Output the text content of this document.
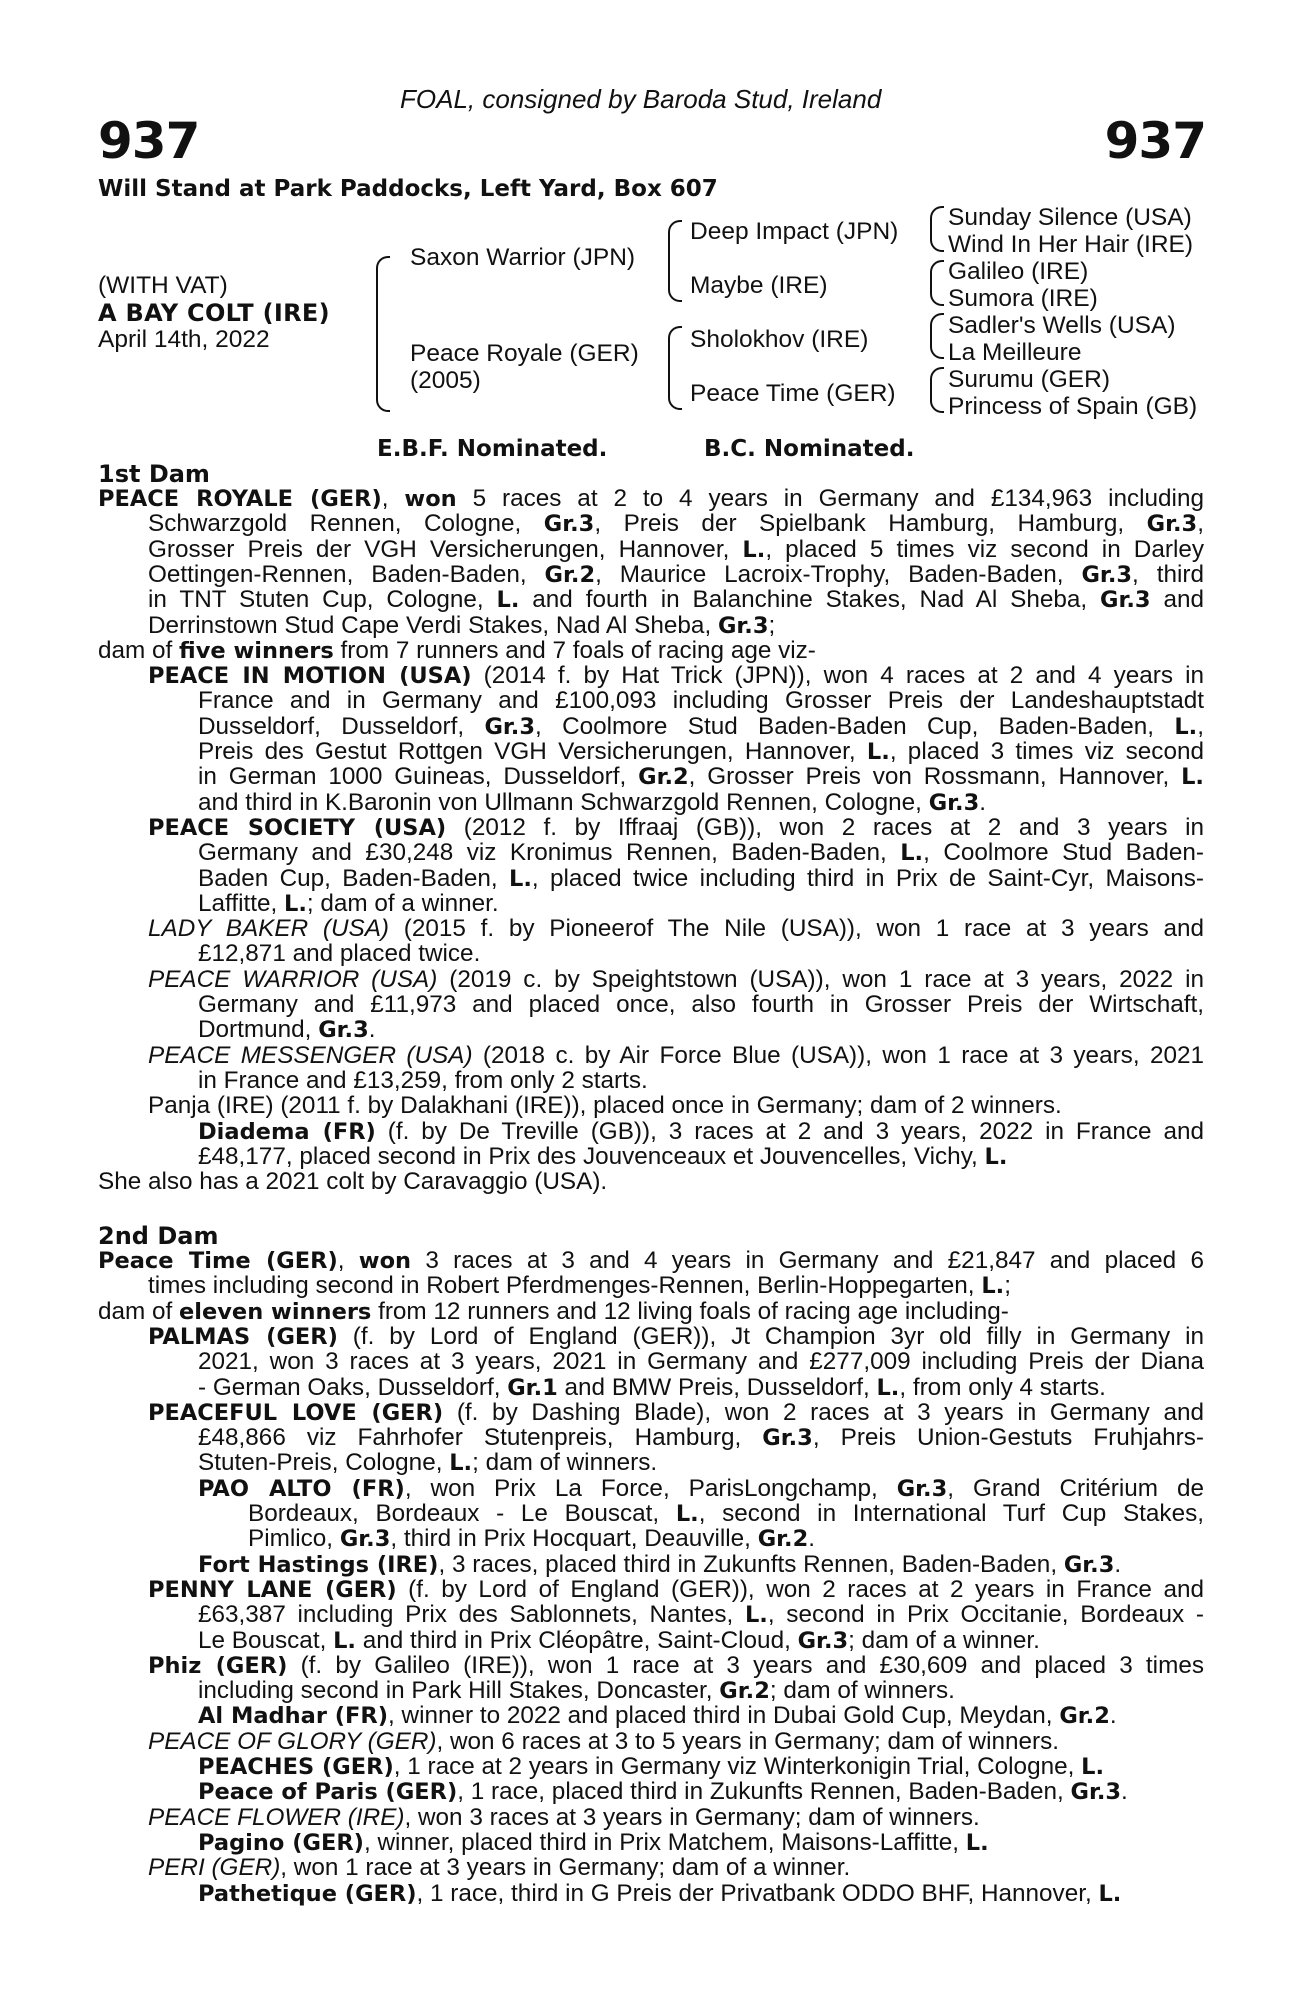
FOAL, consigned by Baroda Stud, Ireland
937	937
Will Stand at Park Paddocks, Left Yard, Box 607
(WITH VAT)
A BAY COLT (IRE)
April 14th, 2022
Saxon Warrior (JPN)
Peace Royale (GER)
(2005)
Deep Impact (JPN)
Maybe (IRE)
Sholokhov (IRE)
Peace Time (GER)
Sunday Silence (USA)
Wind In Her Hair (IRE)
Galileo (IRE)
Sumora (IRE)
Sadler's Wells (USA)
La Meilleure
Surumu (GER)
Princess of Spain (GB)
E.B.F. Nominated.	B.C. Nominated.
1st Dam
2nd Dam
PEACE ROYALE (GER), won 5 races at 2 to 4 years in Germany and £134,963 including
Schwarzgold Rennen, Cologne, Gr.3, Preis der Spielbank Hamburg, Hamburg, Gr.3,
Grosser Preis der VGH Versicherungen, Hannover, L., placed 5 times viz second in Darley
Oettingen-Rennen, Baden-Baden, Gr.2, Maurice Lacroix-Trophy, Baden-Baden, Gr.3, third
in TNT Stuten Cup, Cologne, L. and fourth in Balanchine Stakes, Nad Al Sheba, Gr.3 and
Derrinstown Stud Cape Verdi Stakes, Nad Al Sheba, Gr.3;
dam of five winners from 7 runners and 7 foals of racing age viz-
PEACE IN MOTION (USA) (2014 f. by Hat Trick (JPN)), won 4 races at 2 and 4 years in
France and in Germany and £100,093 including Grosser Preis der Landeshauptstadt
Dusseldorf, Dusseldorf, Gr.3, Coolmore Stud Baden-Baden Cup, Baden-Baden, L.,
Preis des Gestut Rottgen VGH Versicherungen, Hannover, L., placed 3 times viz second
in German 1000 Guineas, Dusseldorf, Gr.2, Grosser Preis von Rossmann, Hannover, L.
and third in K.Baronin von Ullmann Schwarzgold Rennen, Cologne, Gr.3.
PEACE SOCIETY (USA) (2012 f. by Iffraaj (GB)), won 2 races at 2 and 3 years in
Germany and £30,248 viz Kronimus Rennen, Baden-Baden, L., Coolmore Stud Baden-
Baden Cup, Baden-Baden, L., placed twice including third in Prix de Saint-Cyr, Maisons-
Laffitte, L.; dam of a winner.
LADY BAKER (USA) (2015 f. by Pioneerof The Nile (USA)), won 1 race at 3 years and
£12,871 and placed twice.
PEACE WARRIOR (USA) (2019 c. by Speightstown (USA)), won 1 race at 3 years, 2022 in
Germany and £11,973 and placed once, also fourth in Grosser Preis der Wirtschaft,
Dortmund, Gr.3.
PEACE MESSENGER (USA) (2018 c. by Air Force Blue (USA)), won 1 race at 3 years, 2021
in France and £13,259, from only 2 starts.
Panja (IRE) (2011 f. by Dalakhani (IRE)), placed once in Germany; dam of 2 winners.
Diadema (FR) (f. by De Treville (GB)), 3 races at 2 and 3 years, 2022 in France and
£48,177, placed second in Prix des Jouvenceaux et Jouvencelles, Vichy, L.
She also has a 2021 colt by Caravaggio (USA).
Peace Time (GER), won 3 races at 3 and 4 years in Germany and £21,847 and placed 6
times including second in Robert Pferdmenges-Rennen, Berlin-Hoppegarten, L.;
dam of eleven winners from 12 runners and 12 living foals of racing age including-
PALMAS (GER) (f. by Lord of England (GER)), Jt Champion 3yr old filly in Germany in
2021, won 3 races at 3 years, 2021 in Germany and £277,009 including Preis der Diana
- German Oaks, Dusseldorf, Gr.1 and BMW Preis, Dusseldorf, L., from only 4 starts.
PEACEFUL LOVE (GER) (f. by Dashing Blade), won 2 races at 3 years in Germany and
£48,866 viz Fahrhofer Stutenpreis, Hamburg, Gr.3, Preis Union-Gestuts Fruhjahrs-
Stuten-Preis, Cologne, L.; dam of winners.
PAO ALTO (FR), won Prix La Force, ParisLongchamp, Gr.3, Grand Critérium de
Bordeaux, Bordeaux - Le Bouscat, L., second in International Turf Cup Stakes,
Pimlico, Gr.3, third in Prix Hocquart, Deauville, Gr.2.
Fort Hastings (IRE), 3 races, placed third in Zukunfts Rennen, Baden-Baden, Gr.3.
PENNY LANE (GER) (f. by Lord of England (GER)), won 2 races at 2 years in France and
£63,387 including Prix des Sablonnets, Nantes, L., second in Prix Occitanie, Bordeaux -
Le Bouscat, L. and third in Prix Cléopâtre, Saint-Cloud, Gr.3; dam of a winner.
Phiz (GER) (f. by Galileo (IRE)), won 1 race at 3 years and £30,609 and placed 3 times
including second in Park Hill Stakes, Doncaster, Gr.2; dam of winners.
Al Madhar (FR), winner to 2022 and placed third in Dubai Gold Cup, Meydan, Gr.2.
PEACE OF GLORY (GER), won 6 races at 3 to 5 years in Germany; dam of winners.
PEACHES (GER), 1 race at 2 years in Germany viz Winterkonigin Trial, Cologne, L.
Peace of Paris (GER), 1 race, placed third in Zukunfts Rennen, Baden-Baden, Gr.3.
PEACE FLOWER (IRE), won 3 races at 3 years in Germany; dam of winners.
Pagino (GER), winner, placed third in Prix Matchem, Maisons-Laffitte, L.
PERI (GER), won 1 race at 3 years in Germany; dam of a winner.
Pathetique (GER), 1 race, third in G Preis der Privatbank ODDO BHF, Hannover, L.
